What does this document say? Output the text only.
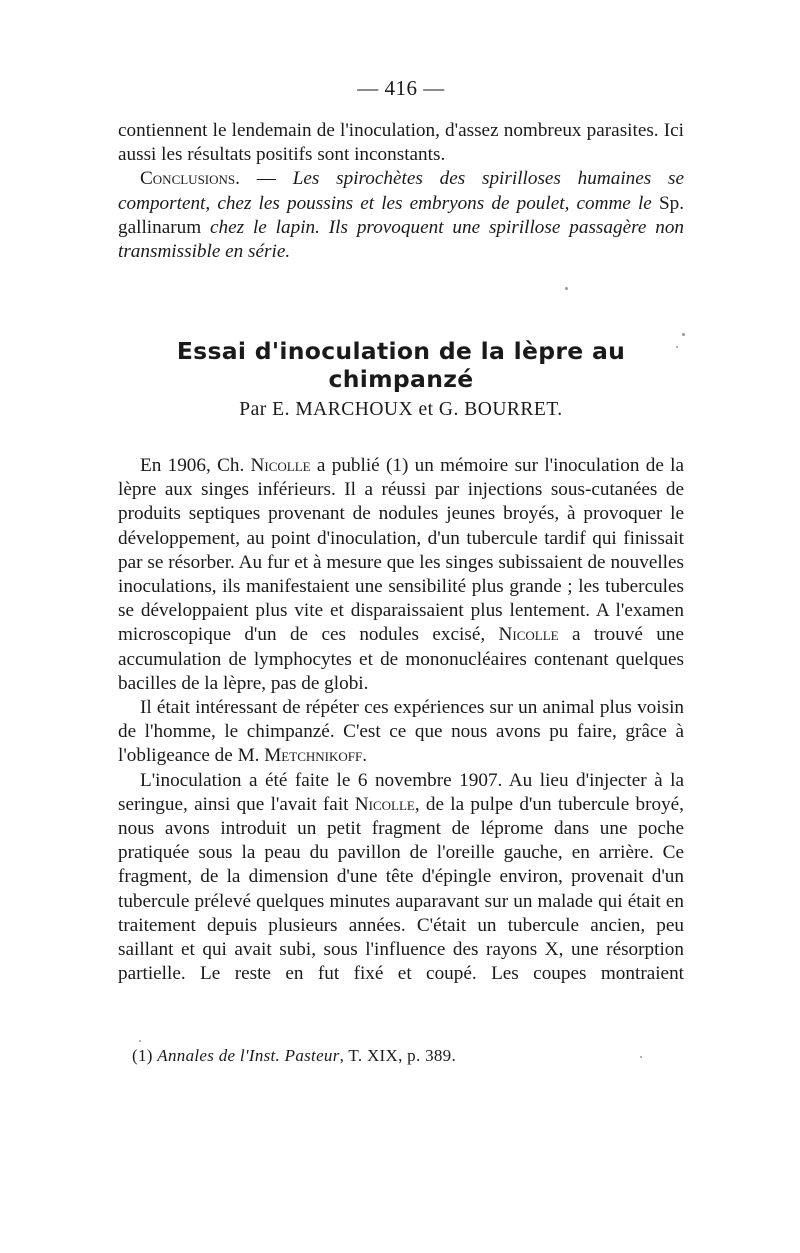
— 416 —

contiennent le lendemain de l'inoculation, d'assez nombreux parasites. Ici aussi les résultats positifs sont inconstants.

Conclusions. — Les spirochètes des spirilloses humaines se comportent, chez les poussins et les embryons de poulet, comme le Sp. gallinarum chez le lapin. Ils provoquent une spirillose passagère non transmissible en série.

Essai d'inoculation de la lèpre au chimpanzé
Par E. MARCHOUX et G. BOURRET.

En 1906, Ch. Nicolle a publié (1) un mémoire sur l'inoculation de la lèpre aux singes inférieurs. Il a réussi par injections sous-cutanées de produits septiques provenant de nodules jeunes broyés, à provoquer le développement, au point d'inoculation, d'un tubercule tardif qui finissait par se résorber. Au fur et à mesure que les singes subissaient de nouvelles inoculations, ils manifestaient une sensibilité plus grande ; les tubercules se développaient plus vite et disparaissaient plus lentement. A l'examen microscopique d'un de ces nodules excisé, Nicolle a trouvé une accumulation de lymphocytes et de mononucléaires contenant quelques bacilles de la lèpre, pas de globi.

Il était intéressant de répéter ces expériences sur un animal plus voisin de l'homme, le chimpanzé. C'est ce que nous avons pu faire, grâce à l'obligeance de M. Metchnikoff.

L'inoculation a été faite le 6 novembre 1907. Au lieu d'injecter à la seringue, ainsi que l'avait fait Nicolle, de la pulpe d'un tubercule broyé, nous avons introduit un petit fragment de léprome dans une poche pratiquée sous la peau du pavillon de l'oreille gauche, en arrière. Ce fragment, de la dimension d'une tête d'épingle environ, provenait d'un tubercule prélevé quelques minutes auparavant sur un malade qui était en traitement depuis plusieurs années. C'était un tubercule ancien, peu saillant et qui avait subi, sous l'influence des rayons X, une résorption partielle. Le reste en fut fixé et coupé. Les coupes montraient

(1) Annales de l'Inst. Pasteur, T. XIX, p. 389.
